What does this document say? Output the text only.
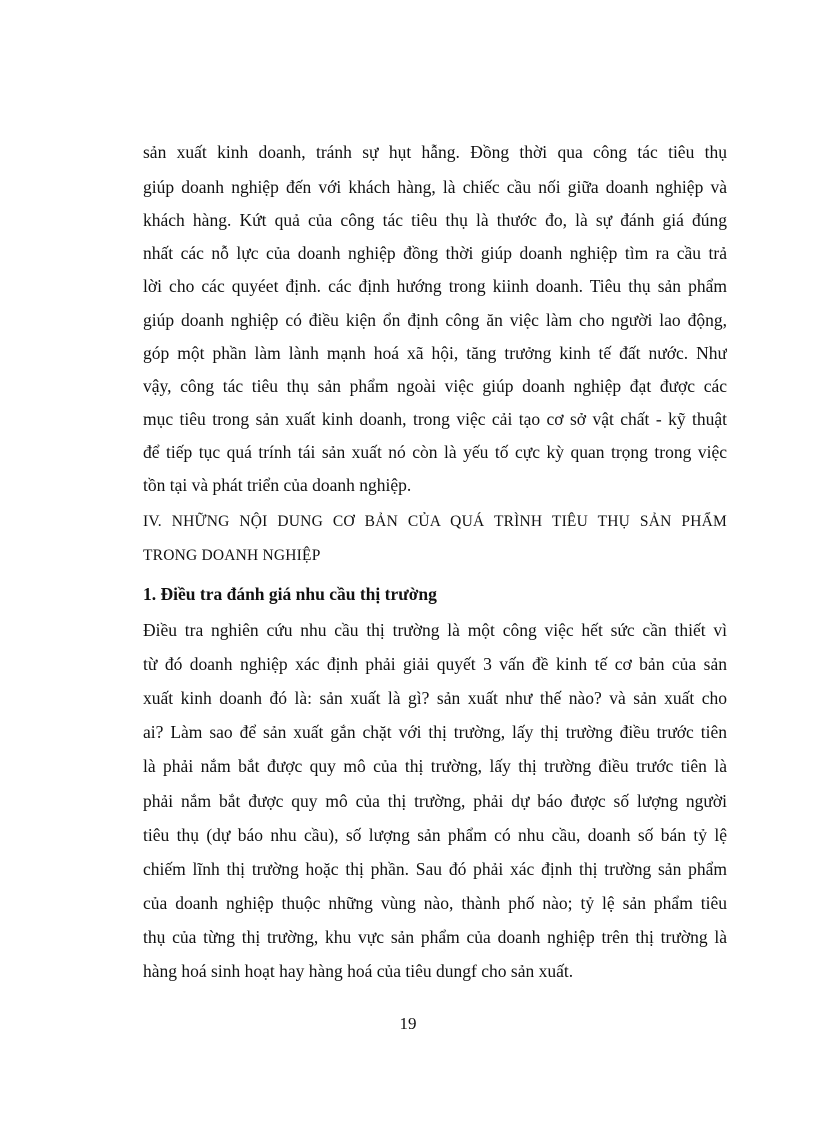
sản xuất kinh doanh, tránh sự hụt hẫng. Đồng thời qua công tác tiêu thụ
giúp doanh nghiệp đến với khách hàng, là chiếc cầu nối giữa doanh nghiệp và
khách hàng. Kứt quả của công tác tiêu thụ là thước đo, là sự đánh giá đúng
nhất các nỗ lực của doanh nghiệp đồng thời giúp doanh nghiệp tìm ra cầu trả
lời cho các quyéet định. các định hướng trong kiinh doanh. Tiêu thụ sản phẩm
giúp doanh nghiệp có điều kiện ổn định công ăn việc làm cho người lao động,
góp một phần làm lành mạnh hoá xã hội, tăng trưởng kinh tế đất nước. Như
vậy, công tác tiêu thụ sản phẩm ngoài việc giúp doanh nghiệp đạt được các
mục tiêu trong sản xuất kinh doanh, trong việc cải tạo cơ sở vật chất - kỹ thuật
để tiếp tục quá trính tái sản xuất nó còn là yếu tố cực kỳ quan trọng trong việc
tồn tại và phát triển của doanh nghiệp.
IV. NHỮNG NỘI DUNG CƠ BẢN CỦA QUÁ TRÌNH TIÊU THỤ SẢN PHẨM
TRONG DOANH NGHIỆP
1. Điều tra đánh giá nhu cầu thị trường
Điều tra nghiên cứu nhu cầu thị trường là một công việc hết sức cần thiết vì
từ đó doanh nghiệp xác định phải giải quyết 3 vấn đề kinh tế cơ bản của sản
xuất kinh doanh đó là: sản xuất là gì? sản xuất như thế nào? và sản xuất cho
ai? Làm sao để sản xuất gắn chặt với thị trường, lấy thị trường điều trước tiên
là phải nắm bắt được quy mô của thị trường, lấy thị trường điều trước tiên là
phải nắm bắt được quy mô của thị trường, phải dự báo được số lượng người
tiêu thụ (dự báo nhu cầu), số lượng sản phẩm có nhu cầu, doanh số bán tỷ lệ
chiếm lĩnh thị trường hoặc thị phần. Sau đó phải xác định thị trường sản phẩm
của doanh nghiệp thuộc những vùng nào, thành phố nào; tỷ lệ sản phẩm tiêu
thụ của từng thị trường, khu vực sản phẩm của doanh nghiệp trên thị trường là
hàng hoá sinh hoạt hay hàng hoá của tiêu dungf cho sản xuất.
19
